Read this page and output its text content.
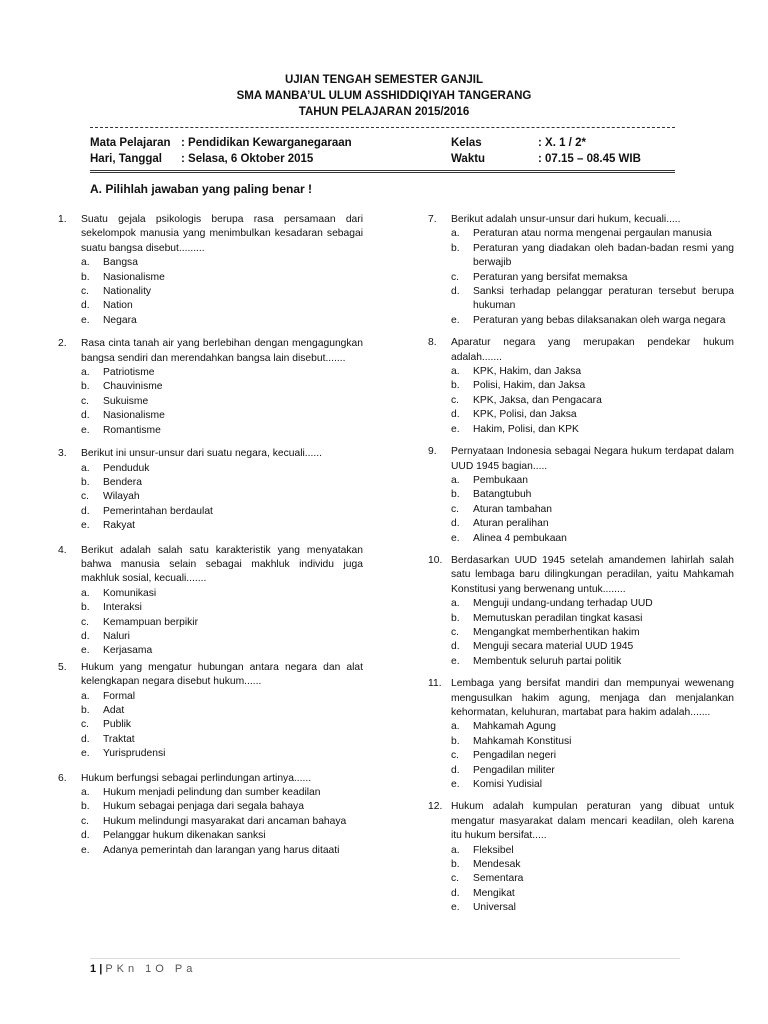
UJIAN TENGAH SEMESTER GANJIL
SMA MANBA’UL ULUM ASSHIDDIQIYAH TANGERANG
TAHUN PELAJARAN 2015/2016
Mata Pelajaran : Pendidikan Kewarganegaraan	Kelas	: X. 1 / 2*
Hari, Tanggal : Selasa, 6 Oktober 2015	Waktu	: 07.15 – 08.45 WIB
A. Pilihlah jawaban yang paling benar !
1. Suatu gejala psikologis berupa rasa persamaan dari sekelompok manusia yang menimbulkan kesadaran sebagai suatu bangsa disebut.........
a. Bangsa
b. Nasionalisme
c. Nationality
d. Nation
e. Negara
2. Rasa cinta tanah air yang berlebihan dengan mengagungkan bangsa sendiri dan merendahkan bangsa lain disebut.......
a. Patriotisme
b. Chauvinisme
c. Sukuisme
d. Nasionalisme
e. Romantisme
3. Berikut ini unsur-unsur dari suatu negara, kecuali......
a. Penduduk
b. Bendera
c. Wilayah
d. Pemerintahan berdaulat
e. Rakyat
4. Berikut adalah salah satu karakteristik yang menyatakan bahwa manusia selain sebagai makhluk individu juga makhluk sosial, kecuali.......
a. Komunikasi
b. Interaksi
c. Kemampuan berpikir
d. Naluri
e. Kerjasama
5. Hukum yang mengatur hubungan antara negara dan alat kelengkapan negara disebut hukum......
a. Formal
b. Adat
c. Publik
d. Traktat
e. Yurisprudensi
6. Hukum berfungsi sebagai perlindungan artinya......
a. Hukum menjadi pelindung dan sumber keadilan
b. Hukum sebagai penjaga dari segala bahaya
c. Hukum melindungi masyarakat dari ancaman bahaya
d. Pelanggar hukum dikenakan sanksi
e. Adanya pemerintah dan larangan yang harus ditaati
7. Berikut adalah unsur-unsur dari hukum, kecuali.....
a. Peraturan atau norma mengenai pergaulan manusia
b. Peraturan yang diadakan oleh badan-badan resmi yang berwajib
c. Peraturan yang bersifat memaksa
d. Sanksi terhadap pelanggar peraturan tersebut berupa hukuman
e. Peraturan yang bebas dilaksanakan oleh warga negara
8. Aparatur negara yang merupakan pendekar hukum adalah.......
a. KPK, Hakim, dan Jaksa
b. Polisi, Hakim, dan Jaksa
c. KPK, Jaksa, dan Pengacara
d. KPK, Polisi, dan Jaksa
e. Hakim, Polisi, dan KPK
9. Pernyataan Indonesia sebagai Negara hukum terdapat dalam UUD 1945 bagian.....
a. Pembukaan
b. Batangtubuh
c. Aturan tambahan
d. Aturan peralihan
e. Alinea 4 pembukaan
10. Berdasarkan UUD 1945 setelah amandemen lahirlah salah satu lembaga baru dilingkungan peradilan, yaitu Mahkamah Konstitusi yang berwenang untuk........
a. Menguji undang-undang terhadap UUD
b. Memutuskan peradilan tingkat kasasi
c. Mengangkat memberhentikan hakim
d. Menguji secara material UUD 1945
e. Membentuk seluruh partai politik
11. Lembaga yang bersifat mandiri dan mempunyai wewenang mengusulkan hakim agung, menjaga dan menjalankan kehormatan, keluhuran, martabat para hakim adalah.......
a. Mahkamah Agung
b. Mahkamah Konstitusi
c. Pengadilan negeri
d. Pengadilan militer
e. Komisi Yudisial
12. Hukum adalah kumpulan peraturan yang dibuat untuk mengatur masyarakat dalam mencari keadilan, oleh karena itu hukum bersifat.....
a. Fleksibel
b. Mendesak
c. Sementara
d. Mengikat
e. Universal
1 | PKn 1O Pa
